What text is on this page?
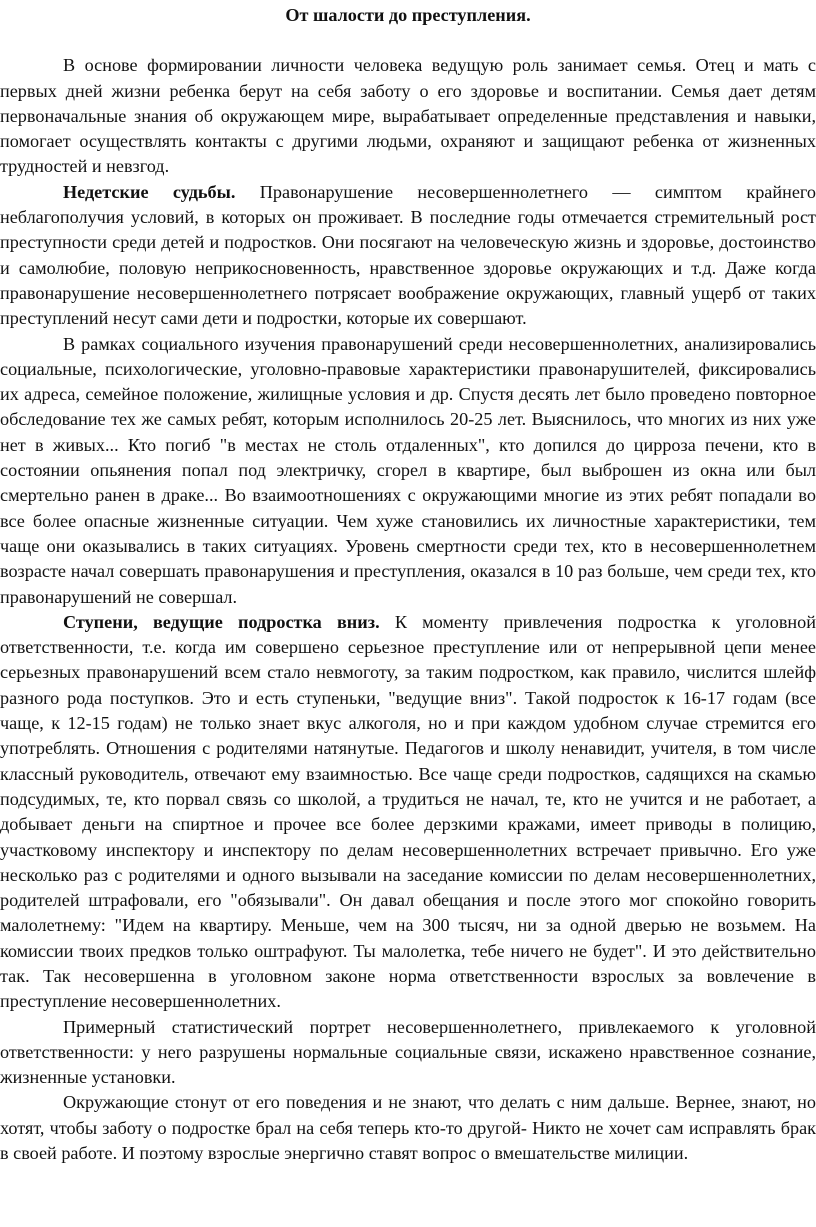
От шалости до преступления.

В основе формировании личности человека ведущую роль занимает семья. Отец и мать с первых дней жизни ребенка берут на себя заботу о его здоровье и воспитании. Семья дает детям первоначальные знания об окружающем мире, вырабатывает определенные представления и навыки, помогает осуществлять контакты с другими людьми, охраняют и защищают ребенка от жизненных трудностей и невзгод.

Недетские судьбы. Правонарушение несовершеннолетнего — симптом крайнего неблагополучия условий, в которых он проживает. В последние годы отмечается стремительный рост преступности среди детей и подростков. Они посягают на человеческую жизнь и здоровье, достоинство и самолюбие, половую неприкосновенность, нравственное здоровье окружающих и т.д. Даже когда правонарушение несовершеннолетнего потрясает воображение окружающих, главный ущерб от таких преступлений несут сами дети и подростки, которые их совершают.

В рамках социального изучения правонарушений среди несовершеннолетних, анализировались социальные, психологические, уголовно-правовые характеристики правонарушителей, фиксировались их адреса, семейное положение, жилищные условия и др. Спустя десять лет было проведено повторное обследование тех же самых ребят, которым исполнилось 20-25 лет. Выяснилось, что многих из них уже нет в живых... Кто погиб "в местах не столь отдаленных", кто допился до цирроза печени, кто в состоянии опьянения попал под электричку, сгорел в квартире, был выброшен из окна или был смертельно ранен в драке... Во взаимоотношениях с окружающими многие из этих ребят попадали во все более опасные жизненные ситуации. Чем хуже становились их личностные характеристики, тем чаще они оказывались в таких ситуациях. Уровень смертности среди тех, кто в несовершеннолетнем возрасте начал совершать правонарушения и преступления, оказался в 10 раз больше, чем среди тех, кто правонарушений не совершал.

Ступени, ведущие подростка вниз. К моменту привлечения подростка к уголовной ответственности, т.е. когда им совершено серьезное преступление или от непрерывной цепи менее серьезных правонарушений всем стало невмоготу, за таким подростком, как правило, числится шлейф разного рода поступков. Это и есть ступеньки, "ведущие вниз". Такой подросток к 16-17 годам (все чаще, к 12-15 годам) не только знает вкус алкоголя, но и при каждом удобном случае стремится его употреблять. Отношения с родителями натянутые. Педагогов и школу ненавидит, учителя, в том числе классный руководитель, отвечают ему взаимностью. Все чаще среди подростков, садящихся на скамью подсудимых, те, кто порвал связь со школой, а трудиться не начал, те, кто не учится и не работает, а добывает деньги на спиртное и прочее все более дерзкими кражами, имеет приводы в полицию, участковому инспектору и инспектору по делам несовершеннолетних встречает привычно. Его уже несколько раз с родителями и одного вызывали на заседание комиссии по делам несовершеннолетних, родителей штрафовали, его "обязывали". Он давал обещания и после этого мог спокойно говорить малолетнему: "Идем на квартиру. Меньше, чем на 300 тысяч, ни за одной дверью не возьмем. На комиссии твоих предков только оштрафуют. Ты малолетка, тебе ничего не будет". И это действительно так. Так несовершенна в уголовном законе норма ответственности взрослых за вовлечение в преступление несовершеннолетних.

Примерный статистический портрет несовершеннолетнего, привлекаемого к уголовной ответственности: у него разрушены нормальные социальные связи, искажено нравственное сознание, жизненные установки.

Окружающие стонут от его поведения и не знают, что делать с ним дальше. Вернее, знают, но хотят, чтобы заботу о подростке брал на себя теперь кто-то другой- Никто не хочет сам исправлять брак в своей работе. И поэтому взрослые энергично ставят вопрос о вмешательстве милиции.
